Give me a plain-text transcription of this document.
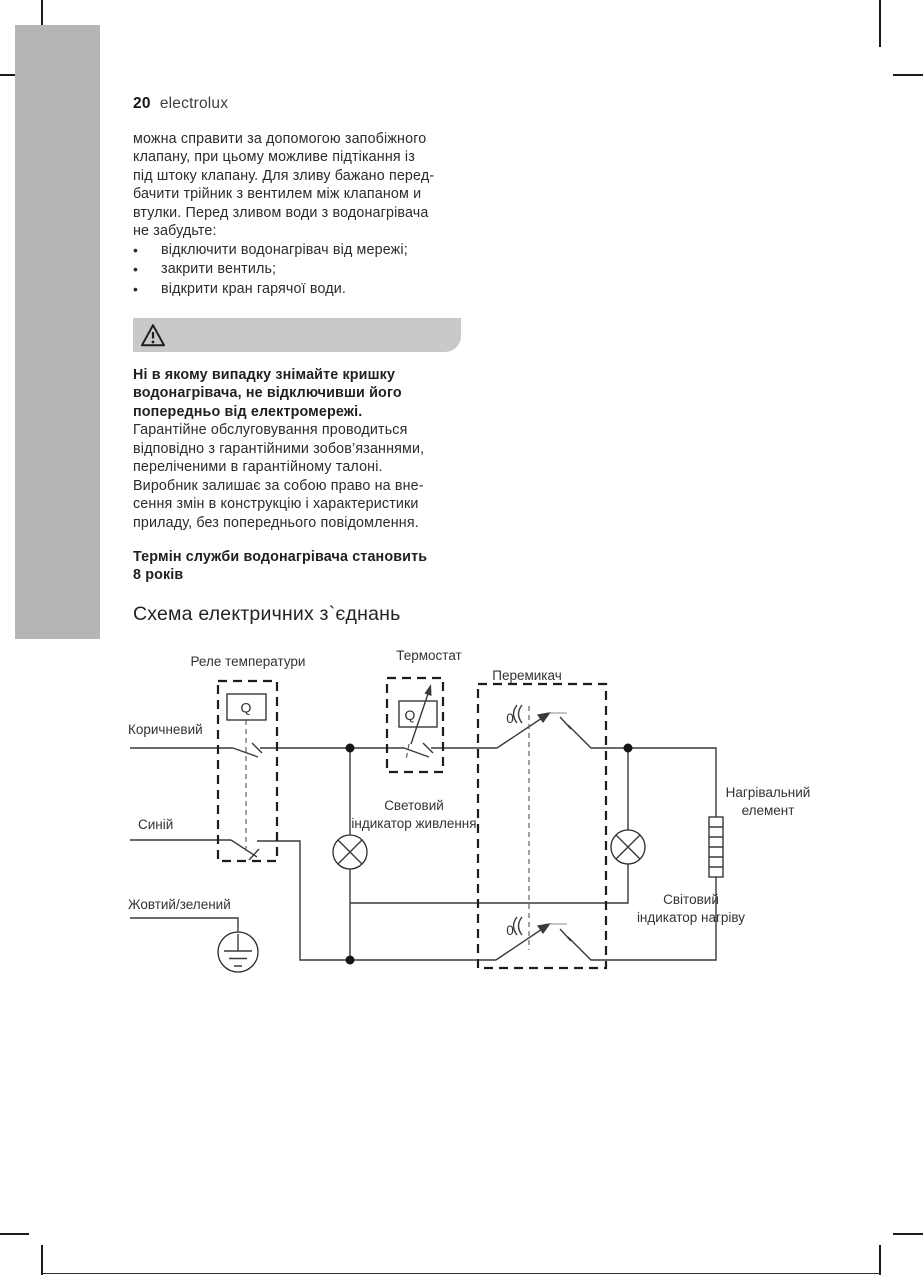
20 electrolux
можна справити за допомогою запобіжного
клапану, при цьому можливе підтікання із
під штоку клапану. Для зливу бажано перед-
бачити трійник з вентилем між клапаном и
втулки. Перед зливом води з водонагрівача
не забудьте:
•
відключити водонагрівач від мережі;
•
закрити вентиль;
•
відкрити кран гарячої води.
Ні в якому випадку знімайте кришку
водонагрівача, не відключивши його
попередньо від електромережі.
Гарантійне обслуговування проводиться
відповідно з гарантійними зобов’язаннями,
переліченими в гарантійному талоні.
Виробник залишає за собою право на вне-
сення змін в конструкцію і характеристики
приладу, без попереднього повідомлення.
Термін служби водонагрівача становить
8 років
Схема електричних з`єднань
Q	Q
Реле температури	Термостат
Перемикач
Коричневий
Синій
Жовтий/зелений
Световий
індикатор живлення
Нагрівальний
елемент
Світовий
індикатор нагріву
0
0
